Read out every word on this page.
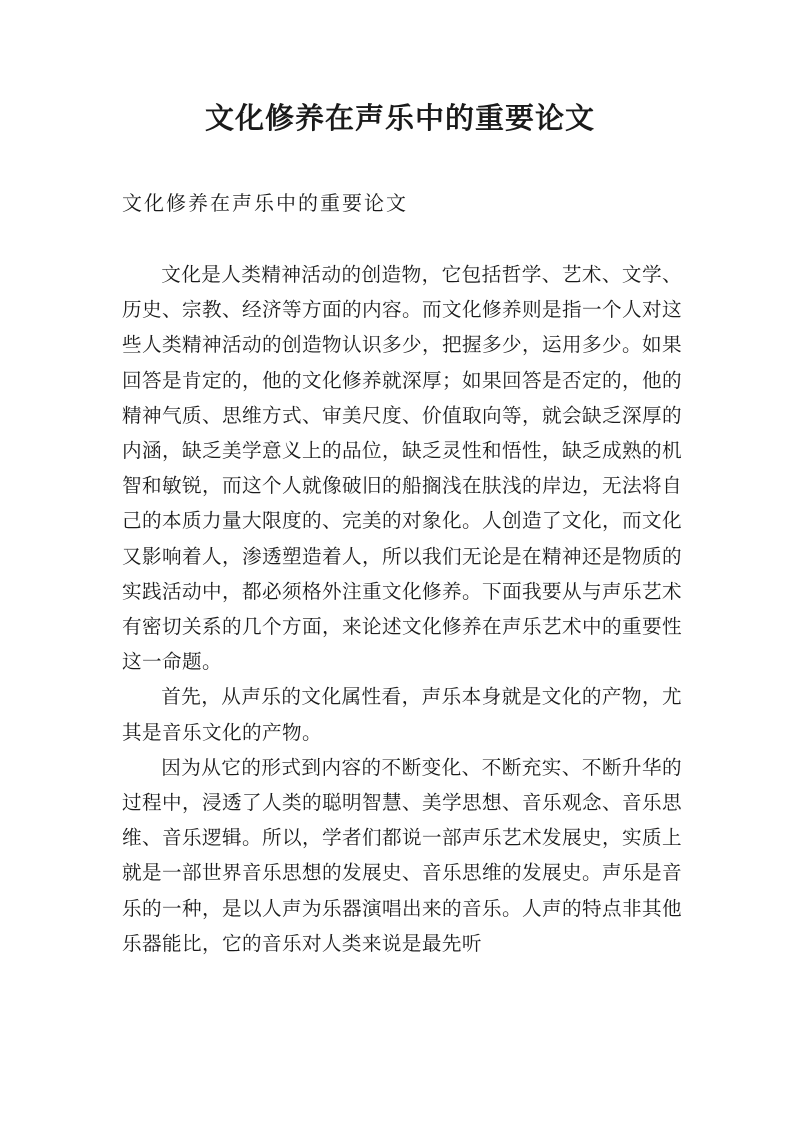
文化修养在声乐中的重要论文

文化修养在声乐中的重要论文

文化是人类精神活动的创造物，它包括哲学、艺术、文学、历史、宗教、经济等方面的内容。而文化修养则是指一个人对这些人类精神活动的创造物认识多少，把握多少，运用多少。如果回答是肯定的，他的文化修养就深厚；如果回答是否定的，他的精神气质、思维方式、审美尺度、价值取向等，就会缺乏深厚的内涵，缺乏美学意义上的品位，缺乏灵性和悟性，缺乏成熟的机智和敏锐，而这个人就像破旧的船搁浅在肤浅的岸边，无法将自己的本质力量大限度的、完美的对象化。人创造了文化，而文化又影响着人，渗透塑造着人，所以我们无论是在精神还是物质的实践活动中，都必须格外注重文化修养。下面我要从与声乐艺术有密切关系的几个方面，来论述文化修养在声乐艺术中的重要性这一命题。

首先，从声乐的文化属性看，声乐本身就是文化的产物，尤其是音乐文化的产物。

因为从它的形式到内容的不断变化、不断充实、不断升华的过程中，浸透了人类的聪明智慧、美学思想、音乐观念、音乐思维、音乐逻辑。所以，学者们都说一部声乐艺术发展史，实质上就是一部世界音乐思想的发展史、音乐思维的发展史。声乐是音乐的一种，是以人声为乐器演唱出来的音乐。人声的特点非其他乐器能比，它的音乐对人类来说是最先听
